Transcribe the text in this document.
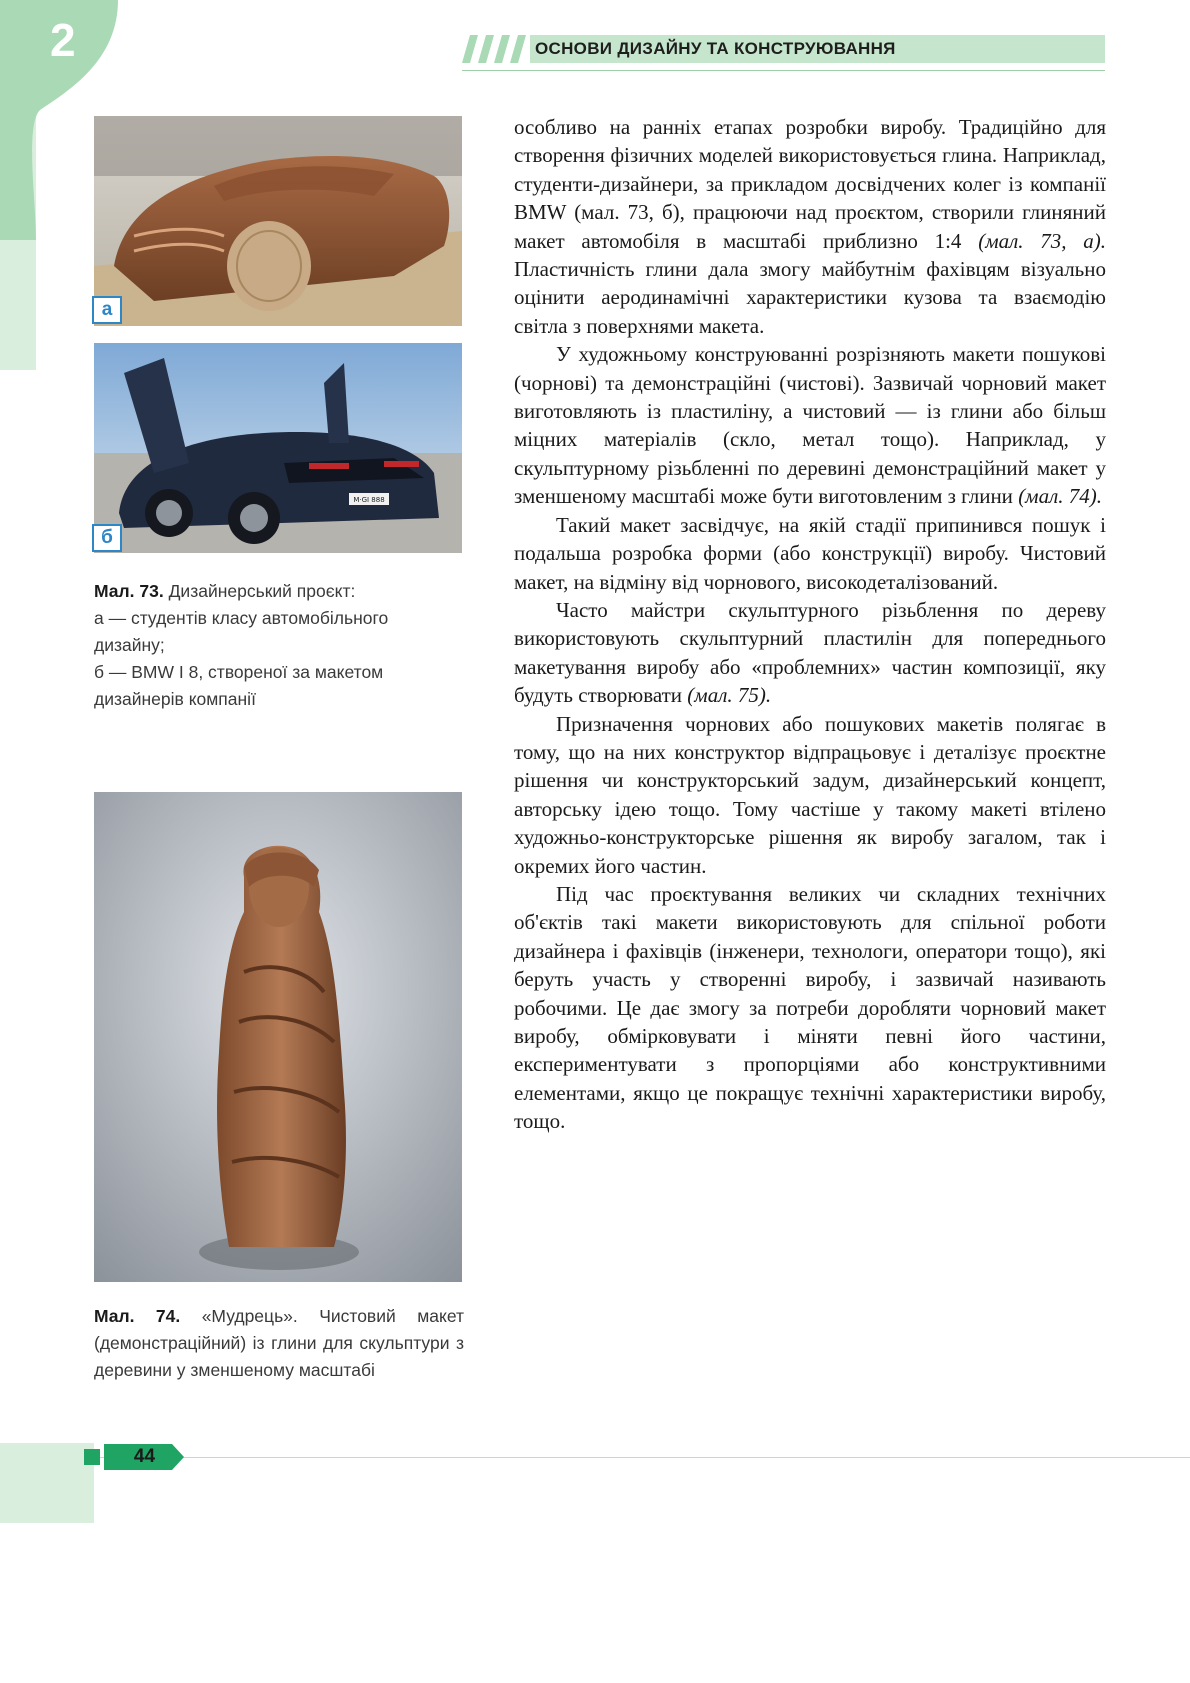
2	ОСНОВИ ДИЗАЙНУ ТА КОНСТРУЮВАННЯ
а
M·GI 888
б
Мал. 73. Дизайнерський проєкт:
а — студентів класу автомобільного
дизайну;
б — BMW I 8, створеної за макетом
дизайнерів компанії
Мал. 74. «Мудрець». Чистовий макет (демонстраційний) із глини для скульптури з деревини у зменшеному масштабі

особливо на ранніх етапах розробки виробу. Традиційно для створення фізичних моделей використовується глина. Наприклад, студенти-дизайнери, за прикладом досвідчених колег із компанії BMW (мал. 73, б), працюючи над проєктом, створили глиняний макет автомобіля в масштабі приблизно 1:4 (мал. 73, а). Пластичність глини дала змогу майбутнім фахівцям візуально оцінити аеродинамічні характеристики кузова та взаємодію світла з поверхнями макета.

У художньому конструюванні розрізняють макети пошукові (чорнові) та демонстраційні (чистові). Зазвичай чорновий макет виготовляють із пластиліну, а чистовий — із глини або більш міцних матеріалів (скло, метал тощо). Наприклад, у скульптурному різьбленні по деревині демонстраційний макет у зменшеному масштабі може бути виготовленим з глини (мал. 74).

Такий макет засвідчує, на якій стадії припинився пошук і подальша розробка форми (або конструкції) виробу. Чистовий макет, на відміну від чорнового, високодеталізований.

Часто майстри скульптурного різьблення по дереву використовують скульптурний пластилін для попереднього макетування виробу або «проблемних» частин композиції, яку будуть створювати (мал. 75).

Призначення чорнових або пошукових макетів полягає в тому, що на них конструктор відпрацьовує і деталізує проєктне рішення чи конструкторський задум, дизайнерський концепт, авторську ідею тощо. Тому частіше у такому макеті втілено художньо-конструкторське рішення як виробу загалом, так і окремих його частин.

Під час проєктування великих чи складних технічних об'єктів такі макети використовують для спільної роботи дизайнера і фахівців (інженери, технологи, оператори тощо), які беруть участь у створенні виробу, і зазвичай називають робочими. Це дає змогу за потреби доробляти чорновий макет виробу, обмірковувати і міняти певні його частини, експериментувати з пропорціями або конструктивними елементами, якщо це покращує технічні характеристики виробу, тощо.

44
